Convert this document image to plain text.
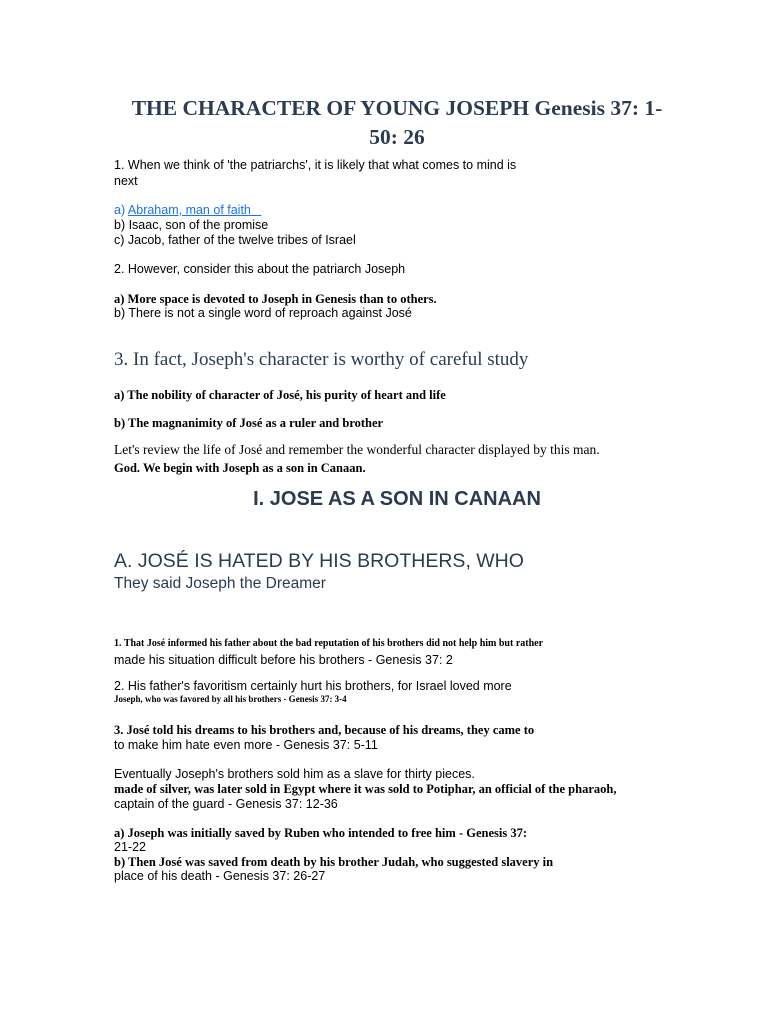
THE CHARACTER OF YOUNG JOSEPH Genesis 37: 1-
50: 26
1. When we think of 'the patriarchs', it is likely that what comes to mind is
next
a) Abraham, man of faith
b) Isaac, son of the promise
c) Jacob, father of the twelve tribes of Israel
2. However, consider this about the patriarch Joseph
a) More space is devoted to Joseph in Genesis than to others.
b) There is not a single word of reproach against José
3. In fact, Joseph's character is worthy of careful study
a) The nobility of character of José, his purity of heart and life
b) The magnanimity of José as a ruler and brother
Let's review the life of José and remember the wonderful character displayed by this man.
God. We begin with Joseph as a son in Canaan.
I. JOSE AS A SON IN CANAAN
A. JOSÉ IS HATED BY HIS BROTHERS, WHO
They said Joseph the Dreamer
1. That José informed his father about the bad reputation of his brothers did not help him but rather
made his situation difficult before his brothers - Genesis 37: 2
2. His father's favoritism certainly hurt his brothers, for Israel loved more
Joseph, who was favored by all his brothers - Genesis 37: 3-4
3. José told his dreams to his brothers and, because of his dreams, they came to
to make him hate even more - Genesis 37: 5-11
Eventually Joseph's brothers sold him as a slave for thirty pieces.
made of silver, was later sold in Egypt where it was sold to Potiphar, an official of the pharaoh,
captain of the guard - Genesis 37: 12-36
a) Joseph was initially saved by Ruben who intended to free him - Genesis 37:
21-22
b) Then José was saved from death by his brother Judah, who suggested slavery in
place of his death - Genesis 37: 26-27
